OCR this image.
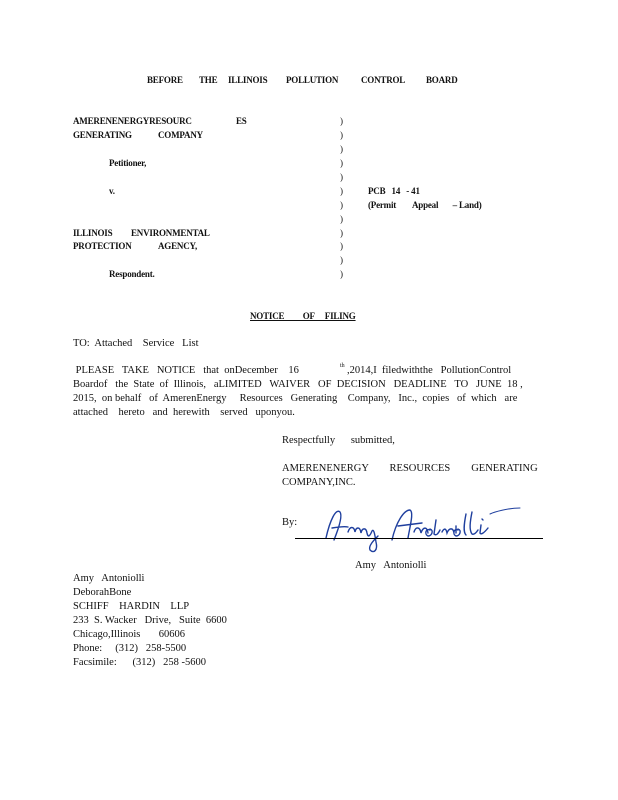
BEFORE THE ILLINOIS POLLUTION	CONTROL BOARD
AMERENENERGYRESOURC	ES
GENERATING	COMPANY
Petitioner,
v.
ILLINOIS ENVIRONMENTAL
PROTECTION	AGENCY,
Respondent.
)
)
)
)
)
)
)
)
)
)
)
)
PCB   14   - 41
(Permit        Appeal       – Land)
NOTICE         OF     FILING
TO:  Attached    Service   List
PLEASE   TAKE   NOTICE   that  onDecember    16	th ,2014,I  filedwiththe   PollutionControl
Boardof   the  State  of  Illinois,   aLIMITED   WAIVER   OF  DECISION   DEADLINE   TO   JUNE  18 ,
2015,  on behalf   of  AmerenEnergy     Resources   Generating    Company,   Inc.,  copies   of  which   are
attached    hereto   and  herewith    served   uponyou.
Respectfully      submitted,
AMERENENERGY        RESOURCES        GENERATING
COMPANY,INC.
By:
Amy   Antoniolli
Amy   Antoniolli
DeborahBone
SCHIFF    HARDIN    LLP
233  S. Wacker   Drive,   Suite  6600
Chicago,Illinois       60606
Phone:     (312)   258-5500
Facsimile:      (312)   258 -5600
